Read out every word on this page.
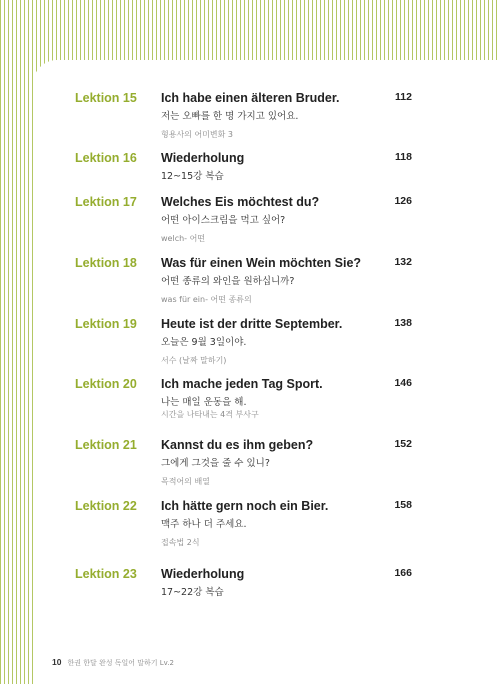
Lektion 15 Ich habe einen älteren Bruder.
저는 오빠를 한 명 가지고 있어요.
형용사의 어미변화 3
112
Lektion 16 Wiederholung
12~15강 복습
118
Lektion 17 Welches Eis möchtest du?
어떤 아이스크림을 먹고 싶어?
welch- 어떤
126
Lektion 18 Was für einen Wein möchten Sie?
어떤 종류의 와인을 원하십니까?
was für ein- 어떤 종류의
132
Lektion 19 Heute ist der dritte September.
오늘은 9월 3일이야.
서수 (날짜 말하기)
138
Lektion 20 Ich mache jeden Tag Sport.
나는 매일 운동을 해.
시간을 나타내는 4격 부사구
146
Lektion 21 Kannst du es ihm geben?
그에게 그것을 줄 수 있니?
목적어의 배열
152
Lektion 22 Ich hätte gern noch ein Bier.
맥주 하나 더 주세요.
접속법 2식
158
Lektion 23 Wiederholung
17~22강 복습
166
10 한권 한달 완성 독일어 말하기 Lv.2
